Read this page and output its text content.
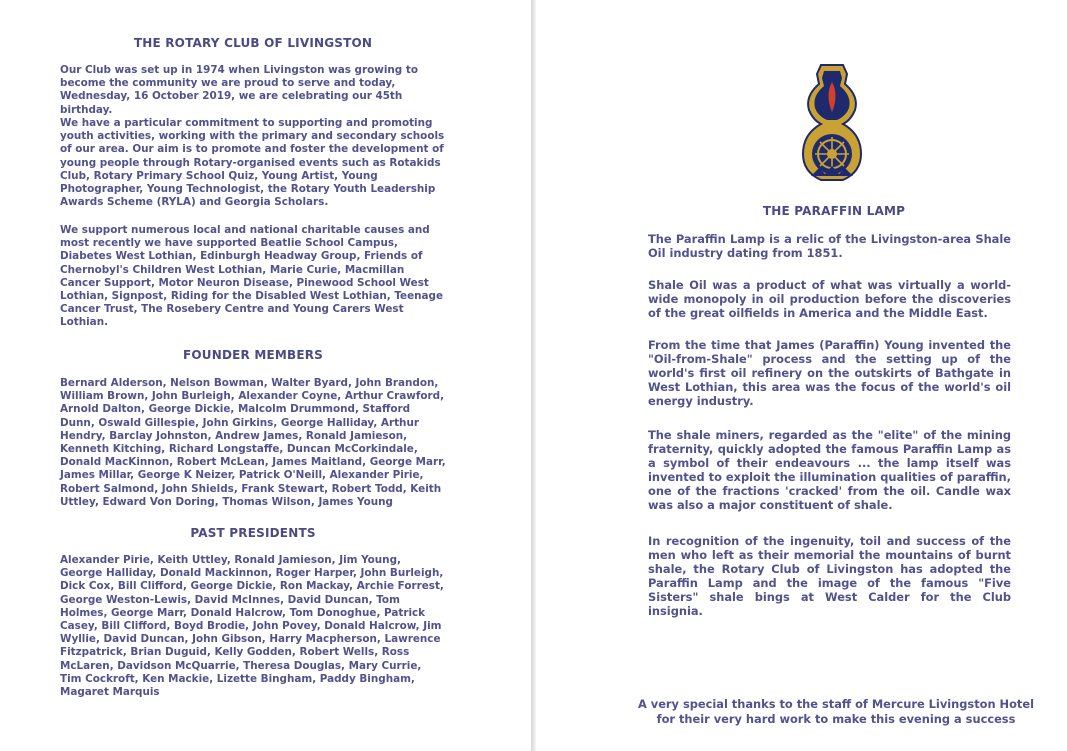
THE ROTARY CLUB OF LIVINGSTON

Our Club was set up in 1974 when Livingston was growing to become the community we are proud to serve and today, Wednesday, 16 October 2019, we are celebrating our 45th birthday.

We have a particular commitment to supporting and promoting youth activities, working with the primary and secondary schools of our area. Our aim is to promote and foster the development of young people through Rotary-organised events such as Rotakids Club, Rotary Primary School Quiz, Young Artist, Young Photographer, Young Technologist, the Rotary Youth Leadership Awards Scheme (RYLA) and Georgia Scholars.

We support numerous local and national charitable causes and most recently we have supported Beatlie School Campus, Diabetes West Lothian, Edinburgh Headway Group, Friends of Chernobyl's Children West Lothian, Marie Curie, Macmillan Cancer Support, Motor Neuron Disease, Pinewood School West Lothian, Signpost, Riding for the Disabled West Lothian, Teenage Cancer Trust, The Rosebery Centre and Young Carers West Lothian.

FOUNDER MEMBERS

Bernard Alderson, Nelson Bowman, Walter Byard, John Brandon, William Brown, John Burleigh, Alexander Coyne, Arthur Crawford, Arnold Dalton, George Dickie, Malcolm Drummond, Stafford Dunn, Oswald Gillespie, John Girkins, George Halliday, Arthur Hendry, Barclay Johnston, Andrew James, Ronald Jamieson, Kenneth Kitching, Richard Longstaffe, Duncan McCorkindale, Donald MacKinnon, Robert McLean, James Maitland, George Marr, James Millar, George K Neizer, Patrick O'Neill, Alexander Pirie, Robert Salmond, John Shields, Frank Stewart, Robert Todd, Keith Uttley, Edward Von Doring, Thomas Wilson, James Young

PAST PRESIDENTS

Alexander Pirie, Keith Uttley, Ronald Jamieson, Jim Young, George Halliday, Donald Mackinnon, Roger Harper, John Burleigh, Dick Cox, Bill Clifford, George Dickie, Ron Mackay, Archie Forrest, George Weston-Lewis, David McInnes, David Duncan, Tom Holmes, George Marr, Donald Halcrow, Tom Donoghue, Patrick Casey, Bill Clifford, Boyd Brodie, John Povey, Donald Halcrow, Jim Wyllie, David Duncan, John Gibson, Harry Macpherson, Lawrence Fitzpatrick, Brian Duguid, Kelly Godden, Robert Wells, Ross McLaren, Davidson McQuarrie, Theresa Douglas, Mary Currie, Tim Cockroft, Ken Mackie, Lizette Bingham, Paddy Bingham, Magaret Marquis

THE PARAFFIN LAMP

The Paraffin Lamp is a relic of the Livingston-area Shale Oil industry dating from 1851.

Shale Oil was a product of what was virtually a world-wide monopoly in oil production before the discoveries of the great oilfields in America and the Middle East.

From the time that James (Paraffin) Young invented the "Oil-from-Shale" process and the setting up of the world's first oil refinery on the outskirts of Bathgate in West Lothian, this area was the focus of the world's oil energy industry.

The shale miners, regarded as the "elite" of the mining fraternity, quickly adopted the famous Paraffin Lamp as a symbol of their endeavours ... the lamp itself was invented to exploit the illumination qualities of paraffin, one of the fractions 'cracked' from the oil. Candle wax was also a major constituent of shale.

In recognition of the ingenuity, toil and success of the men who left as their memorial the mountains of burnt shale, the Rotary Club of Livingston has adopted the Paraffin Lamp and the image of the famous "Five Sisters" shale bings at West Calder for the Club insignia.

A very special thanks to the staff of Mercure Livingston Hotel
for their very hard work to make this evening a success
